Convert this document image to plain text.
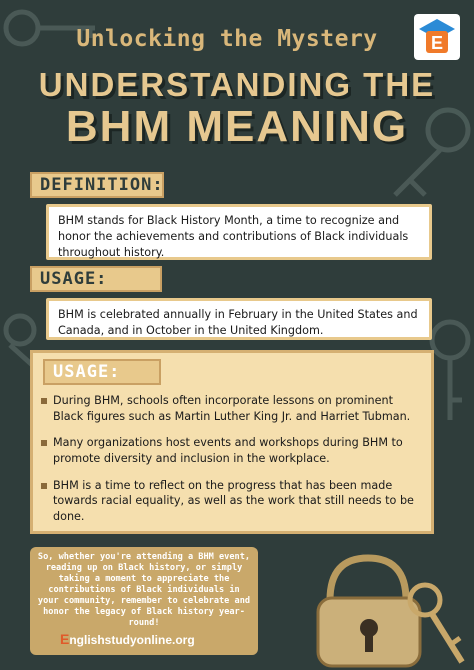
E
Unlocking the Mystery
UNDERSTANDING THE
BHM MEANING
DEFINITION:
BHM stands for Black History Month, a time to recognize and honor the achievements and contributions of Black individuals throughout history.
USAGE:
BHM is celebrated annually in February in the United States and Canada, and in October in the United Kingdom.
USAGE:
During BHM, schools often incorporate lessons on prominent Black figures such as Martin Luther King Jr. and Harriet Tubman.
Many organizations host events and workshops during BHM to promote diversity and inclusion in the workplace.
BHM is a time to reflect on the progress that has been made towards racial equality, as well as the work that still needs to be done.
So, whether you're attending a BHM event, reading up on Black history, or simply taking a moment to appreciate the contributions of Black individuals in your community, remember to celebrate and honor the legacy of Black history year-round!
Englishstudyonline.org
